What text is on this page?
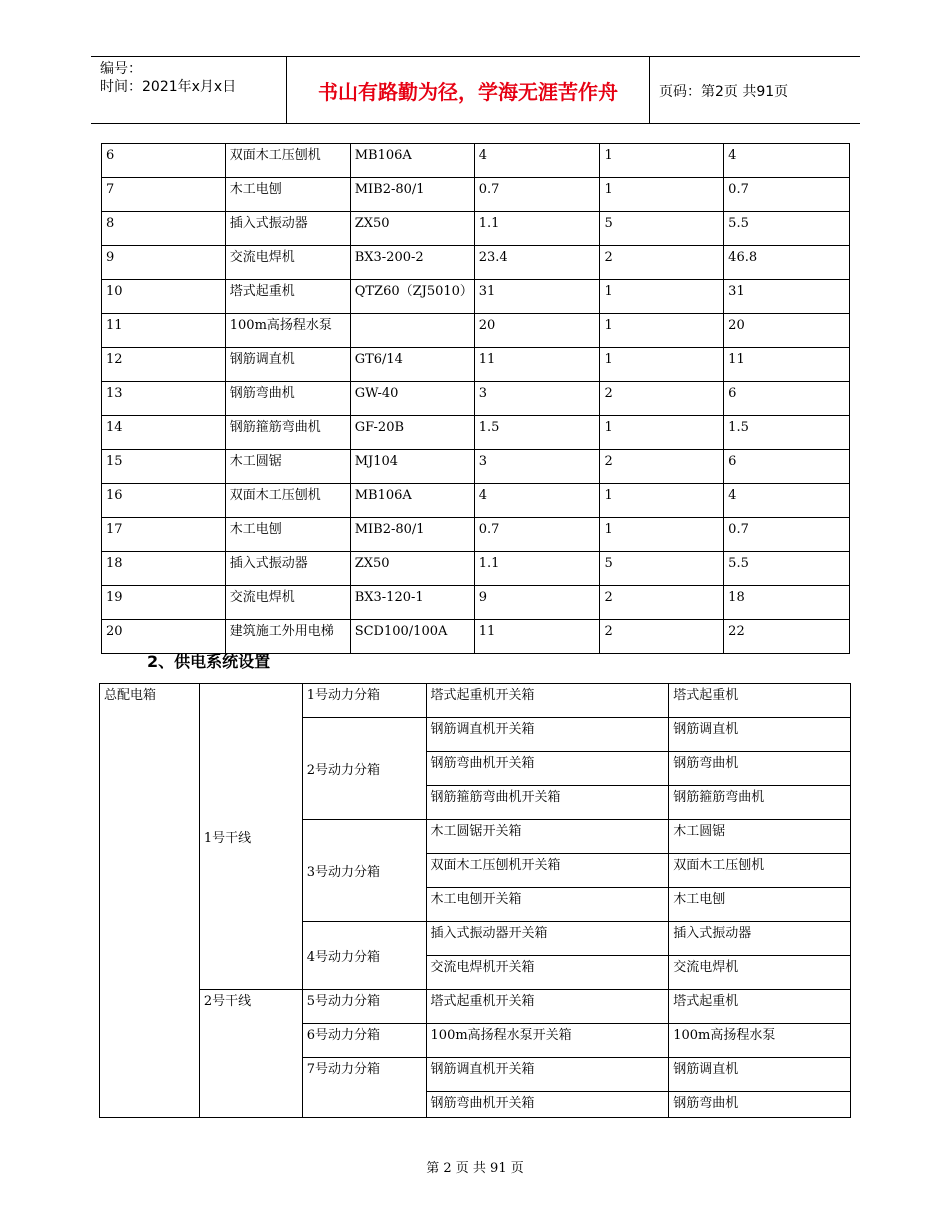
编号：
时间：2021年x月x日	书山有路勤为径，学海无涯苦作舟	页码：第2页 共91页
6	双面木工压刨机	MB106A	4	1	4
7	木工电刨	MIB2-80/1	0.7	1	0.7
8	插入式振动器	ZX50	1.1	5	5.5
9	交流电焊机	BX3-200-2	23.4	2	46.8
10	塔式起重机	QTZ60（ZJ5010）	31	1	31
11	100m高扬程水泵		20	1	20
12	钢筋调直机	GT6/14	11	1	11
13	钢筋弯曲机	GW-40	3	2	6
14	钢筋箍筋弯曲机	GF-20B	1.5	1	1.5
15	木工圆锯	MJ104	3	2	6
16	双面木工压刨机	MB106A	4	1	4
17	木工电刨	MIB2-80/1	0.7	1	0.7
18	插入式振动器	ZX50	1.1	5	5.5
19	交流电焊机	BX3-120-1	9	2	18
20	建筑施工外用电梯	SCD100/100A	11	2	22
2、供电系统设置
总配电箱	1号干线	1号动力分箱	塔式起重机开关箱	塔式起重机
		2号动力分箱	钢筋调直机开关箱	钢筋调直机
			钢筋弯曲机开关箱	钢筋弯曲机
			钢筋箍筋弯曲机开关箱	钢筋箍筋弯曲机
		3号动力分箱	木工圆锯开关箱	木工圆锯
			双面木工压刨机开关箱	双面木工压刨机
			木工电刨开关箱	木工电刨
		4号动力分箱	插入式振动器开关箱	插入式振动器
			交流电焊机开关箱	交流电焊机
	2号干线	5号动力分箱	塔式起重机开关箱	塔式起重机
		6号动力分箱	100m高扬程水泵开关箱	100m高扬程水泵
		7号动力分箱	钢筋调直机开关箱	钢筋调直机
			钢筋弯曲机开关箱	钢筋弯曲机
第 2 页 共 91 页
